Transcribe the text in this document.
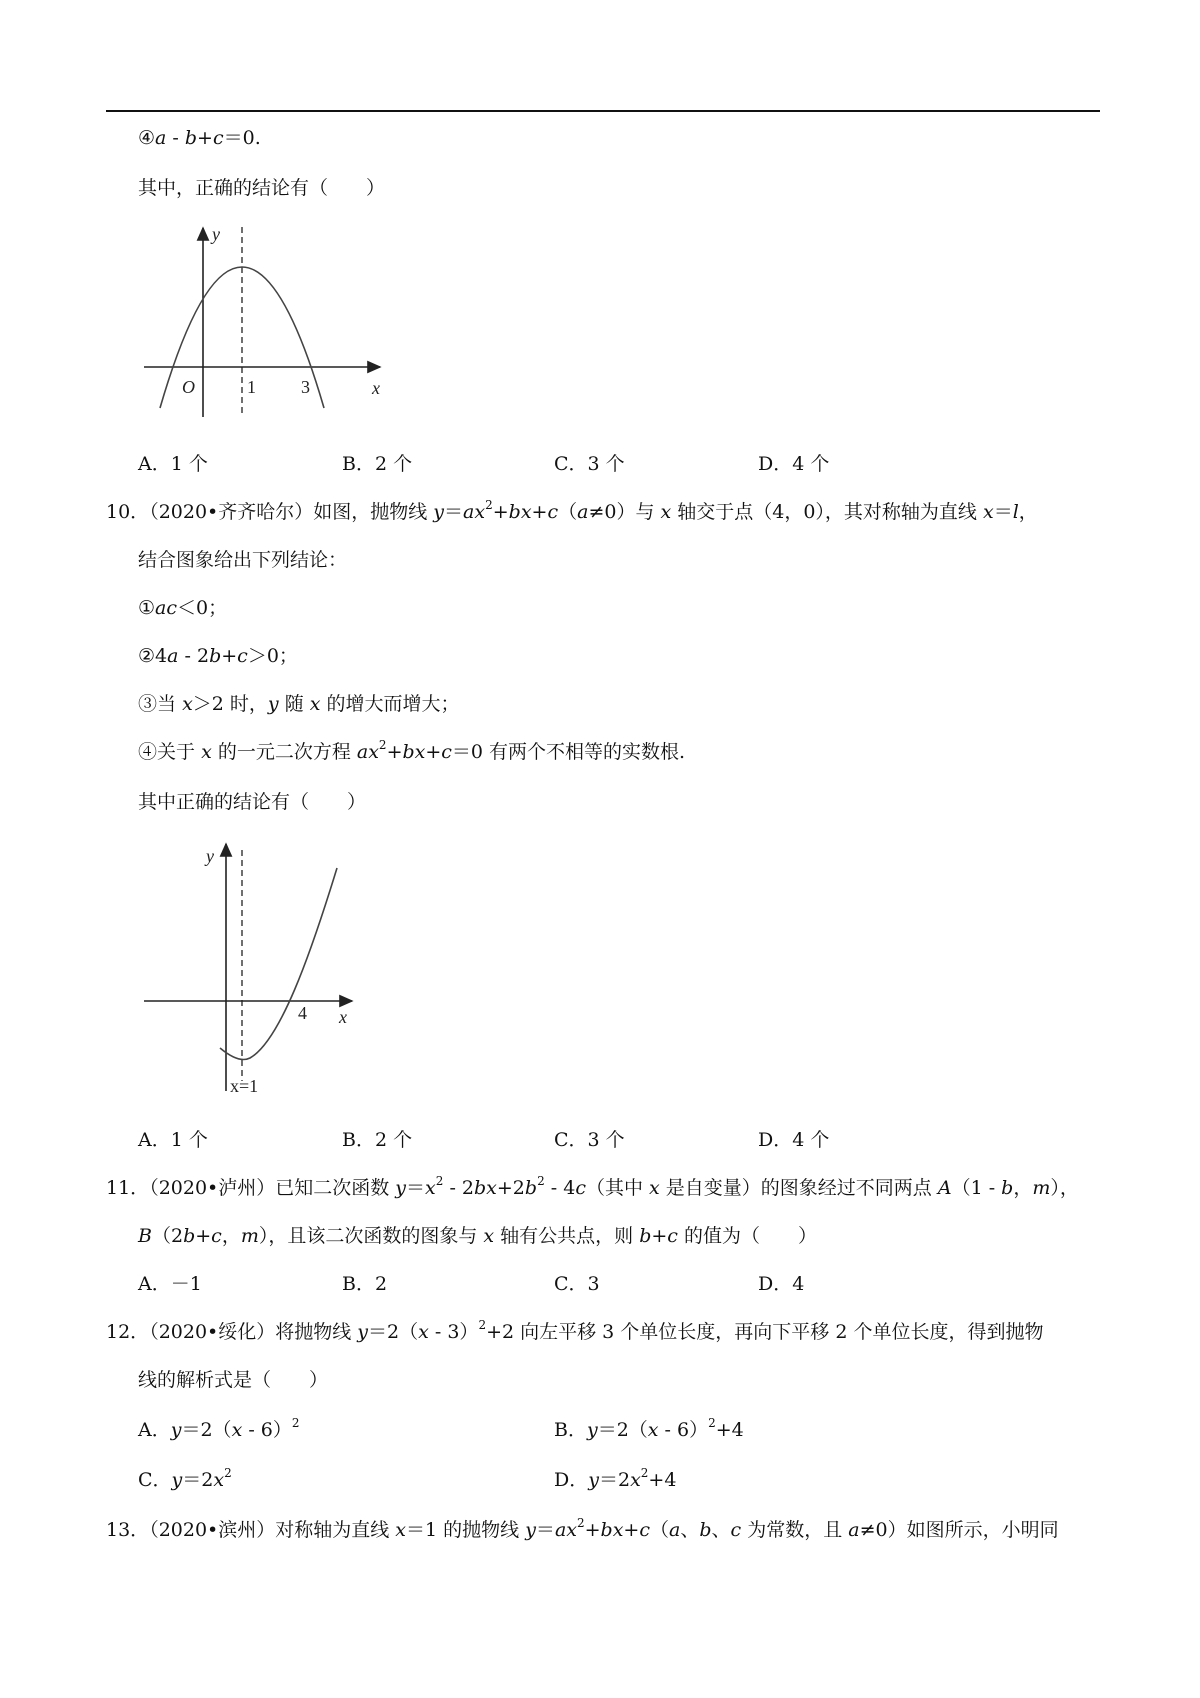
④a - b+c＝0.
其中，正确的结论有（　　）
y
x
O	1	3
A．1 个	B．2 个	C．3 个	D．4 个
10．（2020•齐齐哈尔）如图，抛物线 $y=ax^2+bx+c(a\ne 0)$与 x 轴交于点（4，0），其对称轴为直线 x＝l，
结合图象给出下列结论：
①ac＜0；
②4a - 2b+c＞0；
③当 x＞2 时，y 随 x 的增大而增大；
④关于 x 的一元二次方程 $ax^2+bx+c=0$ 有两个不相等的实数根.
其中正确的结论有（　　）
y
x
4
x=1
A．1 个	B．2 个	C．3 个	D．4 个
11．（2020•泸州）已知二次函数 $y=x^2 - 2bx+2b^2 - 4c$（其中 x 是自变量）的图象经过不同两点 A（1 - b，m），
B（2b+c，m），且该二次函数的图象与 x 轴有公共点，则 b+c 的值为（　　）
A．－1	B．2	C．3	D．4
12．（2020•绥化）将抛物线 y＝2（x - 3）$^2$+2 向左平移 3 个单位长度，再向下平移 2 个单位长度，得到抛物
线的解析式是（　　）
A．y＝2（x - 6）$^2$	B．y＝2（x - 6）$^2$+4
C．$y=2x^2$	D．$y=2x^2+4$
13．（2020•滨州）对称轴为直线 x＝1 的抛物线 $y=ax^2+bx+c(a$、b、c 为常数，且 a≠0）如图所示，小明同
